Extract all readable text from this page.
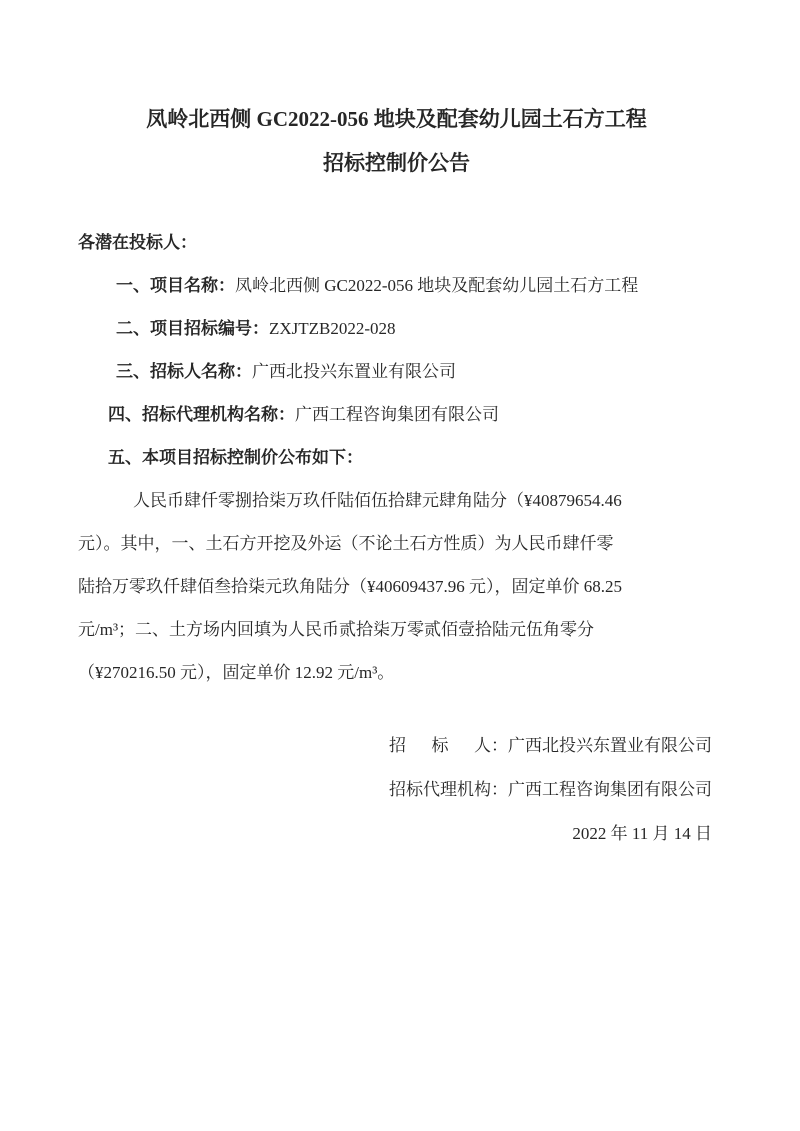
凤岭北西侧 GC2022-056 地块及配套幼儿园土石方工程
招标控制价公告
各潜在投标人：
一、项目名称：凤岭北西侧 GC2022-056 地块及配套幼儿园土石方工程
二、项目招标编号：ZXJTZB2022-028
三、招标人名称：广西北投兴东置业有限公司
四、招标代理机构名称：广西工程咨询集团有限公司
五、本项目招标控制价公布如下：
人民币肆仟零捌拾柒万玖仟陆佰伍拾肆元肆角陆分（¥40879654.46
元）。其中，一、土石方开挖及外运（不论土石方性质）为人民币肆仟零
陆拾万零玖仟肆佰叁拾柒元玖角陆分（¥40609437.96 元），固定单价 68.25
元/m³；二、土方场内回填为人民币贰拾柒万零贰佰壹拾陆元伍角零分
（¥270216.50 元），固定单价 12.92 元/m³。
招标人：广西北投兴东置业有限公司
招标代理机构：广西工程咨询集团有限公司
2022 年 11 月 14 日
